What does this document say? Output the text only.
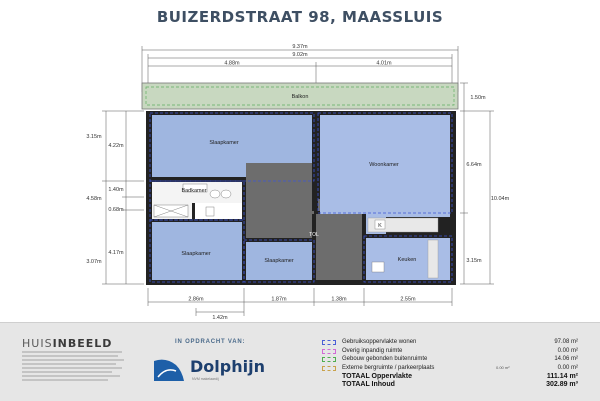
BUIZERDSTRAAT 98, MAASSLUIS
9.37m
9.02m
4.88m	4.01m
Balkon
K
Slaapkamer
Woonkamer
Badkamer
Slaapkamer
Slaapkamer	Keuken
TOL
1.50m
6.64m
10.04m
3.15m
3.15m
4.22m
1.40m
4.58m
0.68m
4.17m
3.07m
2.86m	1.87m	1.38m	2.55m
1.42m
HUISINBEELD	IN OPDRACHT VAN:
Dolphijn
NVM makelaardij
Gebruiksoppervlakte wonen	97.08 m²
Overig inpandig ruimte	0.00 m²
Gebouw gebonden buitenruimte	14.06 m²
Externe bergruimte / parkeerplaats	0.00 m²	0.00 m²
TOTAAL Oppervlakte	111.14 m²
TOTAAL Inhoud	302.89 m³
